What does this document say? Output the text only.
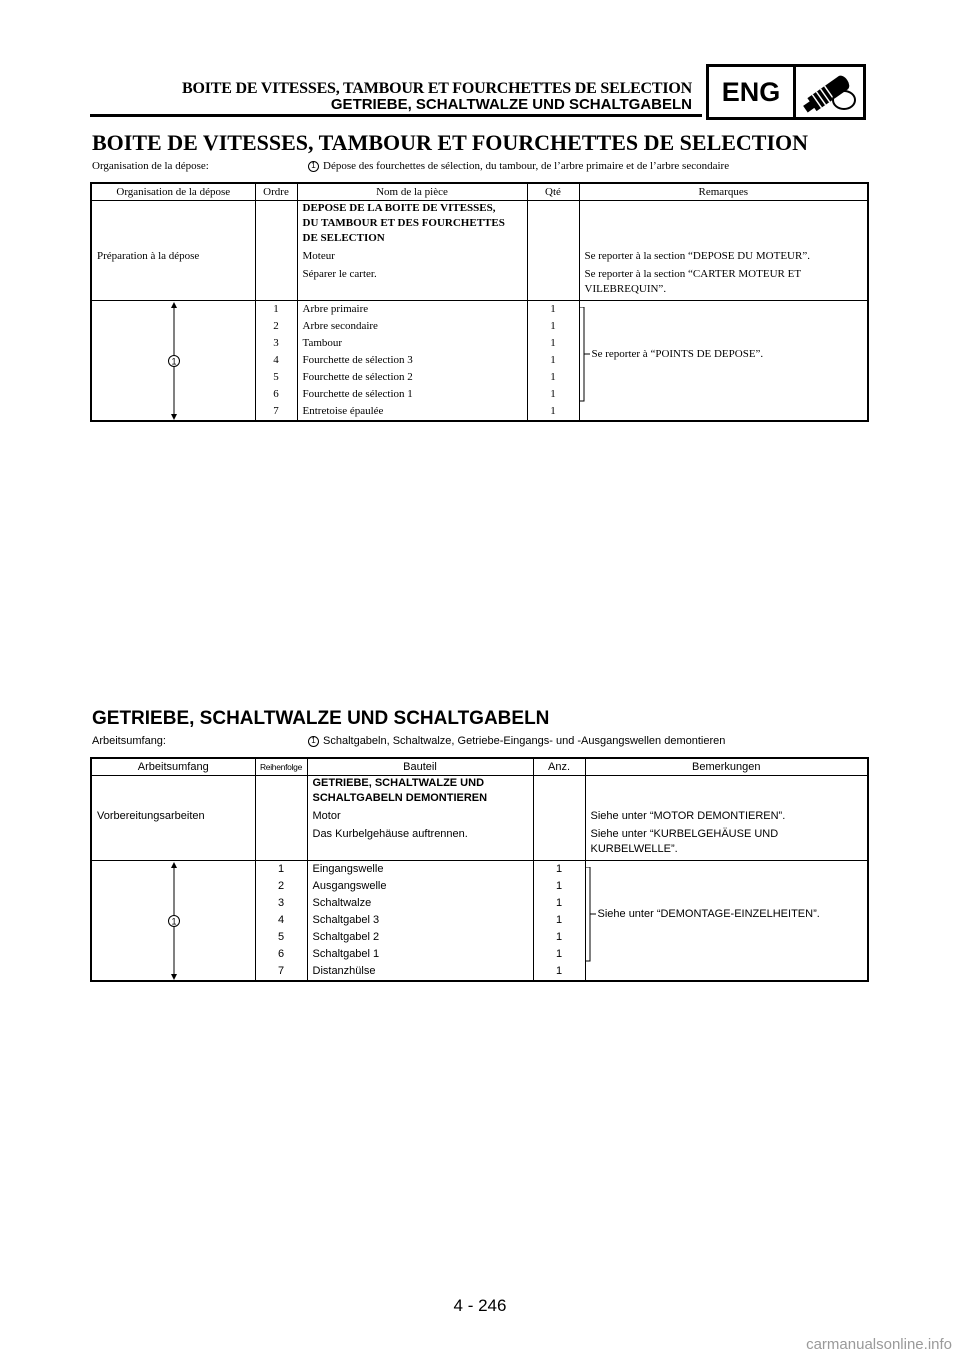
BOITE DE VITESSES, TAMBOUR ET FOURCHETTES DE SELECTION
GETRIEBE, SCHALTWALZE UND SCHALTGABELN	ENG
BOITE DE VITESSES, TAMBOUR ET FOURCHETTES DE SELECTION
Organisation de la dépose:	1 Dépose des fourchettes de sélection, du tambour, de l’arbre primaire et de l’arbre secondaire
Organisation de la dépose	Ordre	Nom de la pièce	Qté	Remarques

		DEPOSE DE LA BOITE DE VITESSES,
DU TAMBOUR ET DES FOURCHETTES
DE SELECTION		

Préparation à la dépose		Moteur		Se reporter à la section “DEPOSE DU MOTEUR”.
		Séparer le carter.		Se reporter à la section “CARTER MOTEUR ET
VILEBREQUIN”.

1	1	Arbre primaire	1	Se reporter à “POINTS DE DEPOSE”.

	2	Arbre secondaire	1	
	3	Tambour	1	
	4	Fourchette de sélection 3	1	
	5	Fourchette de sélection 2	1	
	6	Fourchette de sélection 1	1	
	7	Entretoise épaulée	1	
GETRIEBE, SCHALTWALZE UND SCHALTGABELN
Arbeitsumfang:	1 Schaltgabeln, Schaltwalze, Getriebe-Eingangs- und -Ausgangswellen demontieren
Arbeitsumfang	Reihenfolge	Bauteil	Anz.	Bemerkungen

		GETRIEBE, SCHALTWALZE UND
SCHALTGABELN DEMONTIEREN		

Vorbereitungsarbeiten		Motor		Siehe unter “MOTOR DEMONTIEREN”.
		Das Kurbelgehäuse auftrennen.		Siehe unter “KURBELGEHÄUSE UND
KURBELWELLE”.

1	1	Eingangswelle	1	Siehe unter “DEMONTAGE-EINZELHEITEN”.

	2	Ausgangswelle	1	
	3	Schaltwalze	1	
	4	Schaltgabel 3	1	
	5	Schaltgabel 2	1	
	6	Schaltgabel 1	1	
	7	Distanzhülse	1	
4 - 246
carmanualsonline.info
